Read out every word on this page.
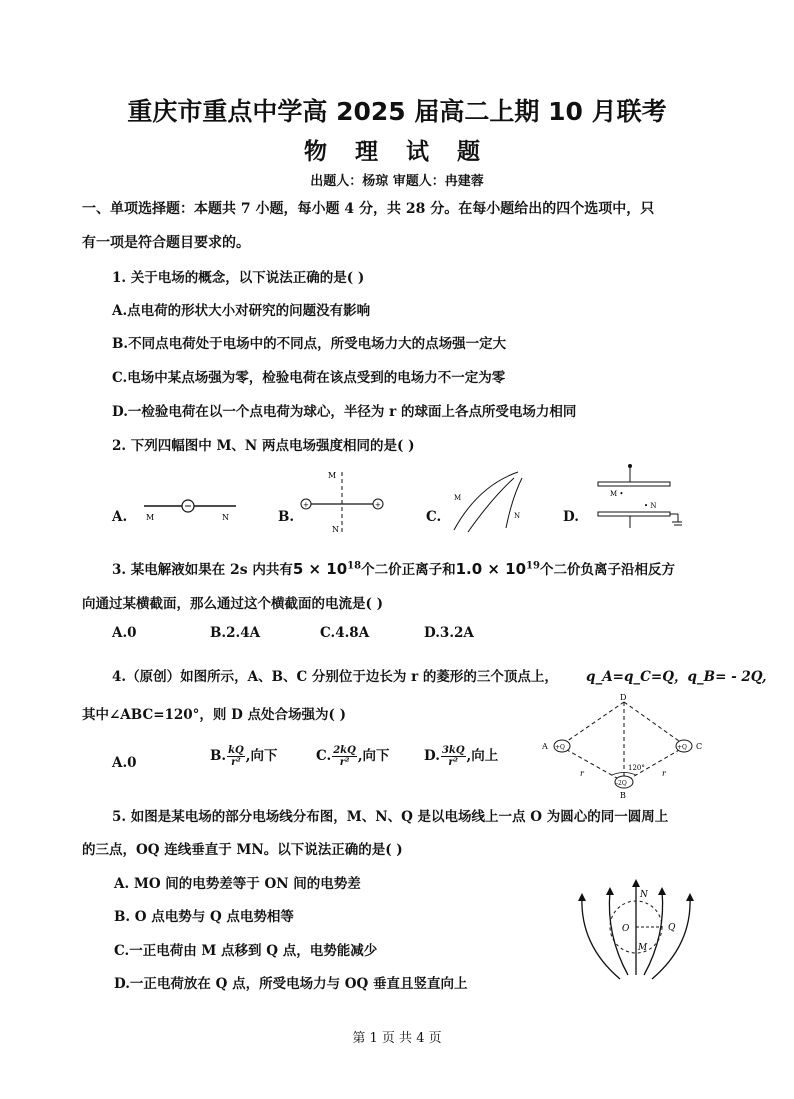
重庆市重点中学高 2025 届高二上期 10 月联考
物 理 试 题
出题人：杨琼 审题人：冉建蓉
一、单项选择题：本题共 7 小题，每小题 4 分，共 28 分。在每小题给出的四个选项中，只
有一项是符合题目要求的。
1. 关于电场的概念，以下说法正确的是( )
A.点电荷的形状大小对研究的问题没有影响
B.不同点电荷处于电场中的不同点，所受电场力大的点场强一定大
C.电场中某点场强为零，检验电荷在该点受到的电场力不一定为零
D.一检验电荷在以一个点电荷为球心，半径为 r 的球面上各点所受电场力相同
2. 下列四幅图中 M、N 两点电场强度相同的是( )
A.	B.	C.	D.
M	N
+	+
M
N
M
N
M •
• N
3. 某电解液如果在 2s 内共有$5 \times 10^{18}$个二价正离子和$1.0 \times 10^{19}$个二价负离子沿相反方
向通过某横截面，那么通过这个横截面的电流是( )
A.0	B.2.4A	C.4.8A	D.3.2A
4.（原创）如图所示，A、B、C 分别位于边长为 r 的菱形的三个顶点上， q_A=q_C=Q，q_B= - 2Q,
其中∠ABC=120°，则 D 点处合场强为( )
A.0	B. $\frac{kQ}{\text{r²}}$ ,向下	C. $\frac{2kQ}{\text{r²}}$ ,向下	D. $\frac{3kQ}{\text{r²}}$ ,向上
D
A +Q	+Q C
-2Q
B
120°
r	r
5. 如图是某电场的部分电场线分布图，M、N、Q 是以电场线上一点 O 为圆心的同一圆周上
的三点，OQ 连线垂直于 MN。以下说法正确的是( )
A. MO 间的电势差等于 ON 间的电势差
B. O 点电势与 Q 点电势相等
C.一正电荷由 M 点移到 Q 点，电势能减少
D.一正电荷放在 Q 点，所受电场力与 OQ 垂直且竖直向上
N
O	Q
M
第 1 页 共 4 页
